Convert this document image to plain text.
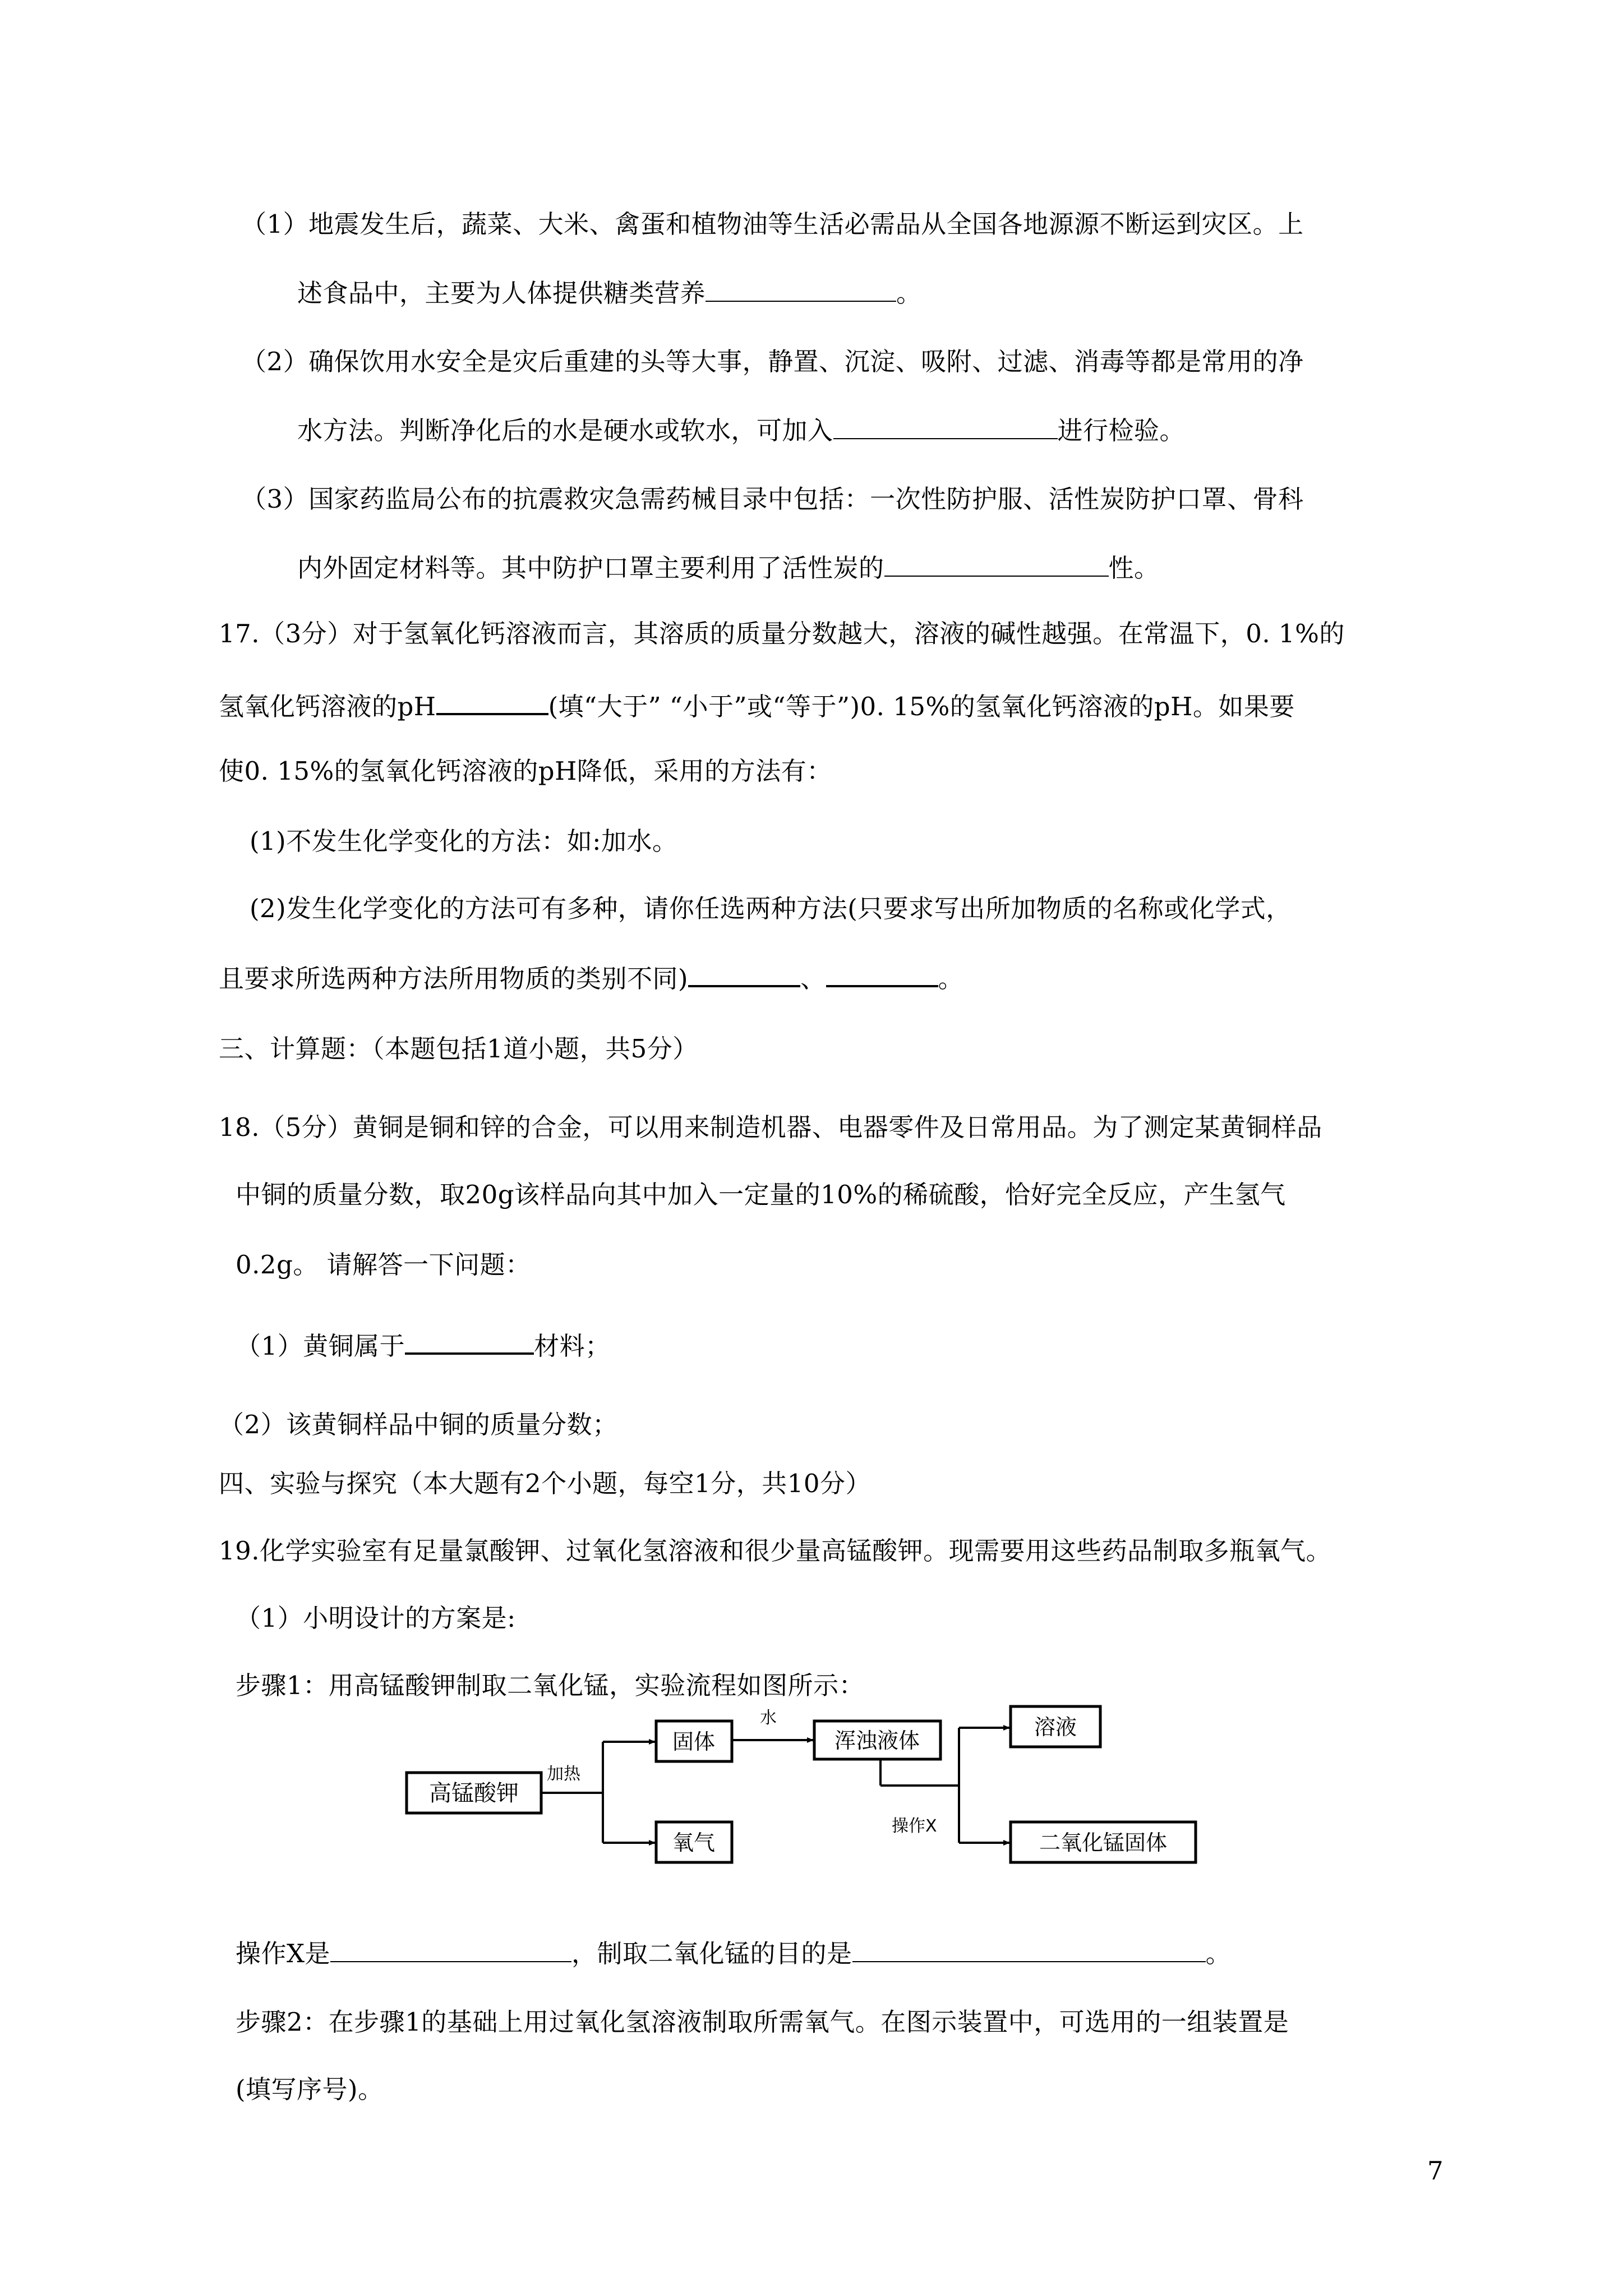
（1）地震发生后，蔬菜、大米、禽蛋和植物油等生活必需品从全国各地源源不断运到灾区。上
述食品中，主要为人体提供糖类营养	。
（2）确保饮用水安全是灾后重建的头等大事，静置、沉淀、吸附、过滤、消毒等都是常用的净
水方法。判断净化后的水是硬水或软水，可加入	进行检验。
（3）国家药监局公布的抗震救灾急需药械目录中包括：一次性防护服、活性炭防护口罩、骨科
内外固定材料等。其中防护口罩主要利用了活性炭的	性。
17.（3分）对于氢氧化钙溶液而言，其溶质的质量分数越大，溶液的碱性越强。在常温下，0. 1%的
氢氧化钙溶液的pH	(填“大于” “小于”或“等于”)0. 15%的氢氧化钙溶液的pH。如果要
使0. 15%的氢氧化钙溶液的pH降低，采用的方法有：
(1)不发生化学变化的方法：如:加水。
(2)发生化学变化的方法可有多种，请你任选两种方法(只要求写出所加物质的名称或化学式，
且要求所选两种方法所用物质的类别不同)	、	。
三、计算题：（本题包括1道小题，共5分）
18.（5分）黄铜是铜和锌的合金，可以用来制造机器、电器零件及日常用品。为了测定某黄铜样品
中铜的质量分数，取20g该样品向其中加入一定量的10%的稀硫酸，恰好完全反应，产生氢气
0.2g。 请解答一下问题：
（1）黄铜属于	材料；
（2）该黄铜样品中铜的质量分数；
四、实验与探究（本大题有2个小题，每空1分，共10分）
19.化学实验室有足量氯酸钾、过氧化氢溶液和很少量高锰酸钾。现需要用这些药品制取多瓶氧气。
（1）小明设计的方案是:
步骤1：用高锰酸钾制取二氧化锰，实验流程如图所示：
高锰酸钾
加热
固体
氧气
水
浑浊液体
操作X
溶液
二氧化锰固体
操作X是	，制取二氧化锰的目的是	。
步骤2：在步骤1的基础上用过氧化氢溶液制取所需氧气。在图示装置中，可选用的一组装置是
(填写序号)。
7
